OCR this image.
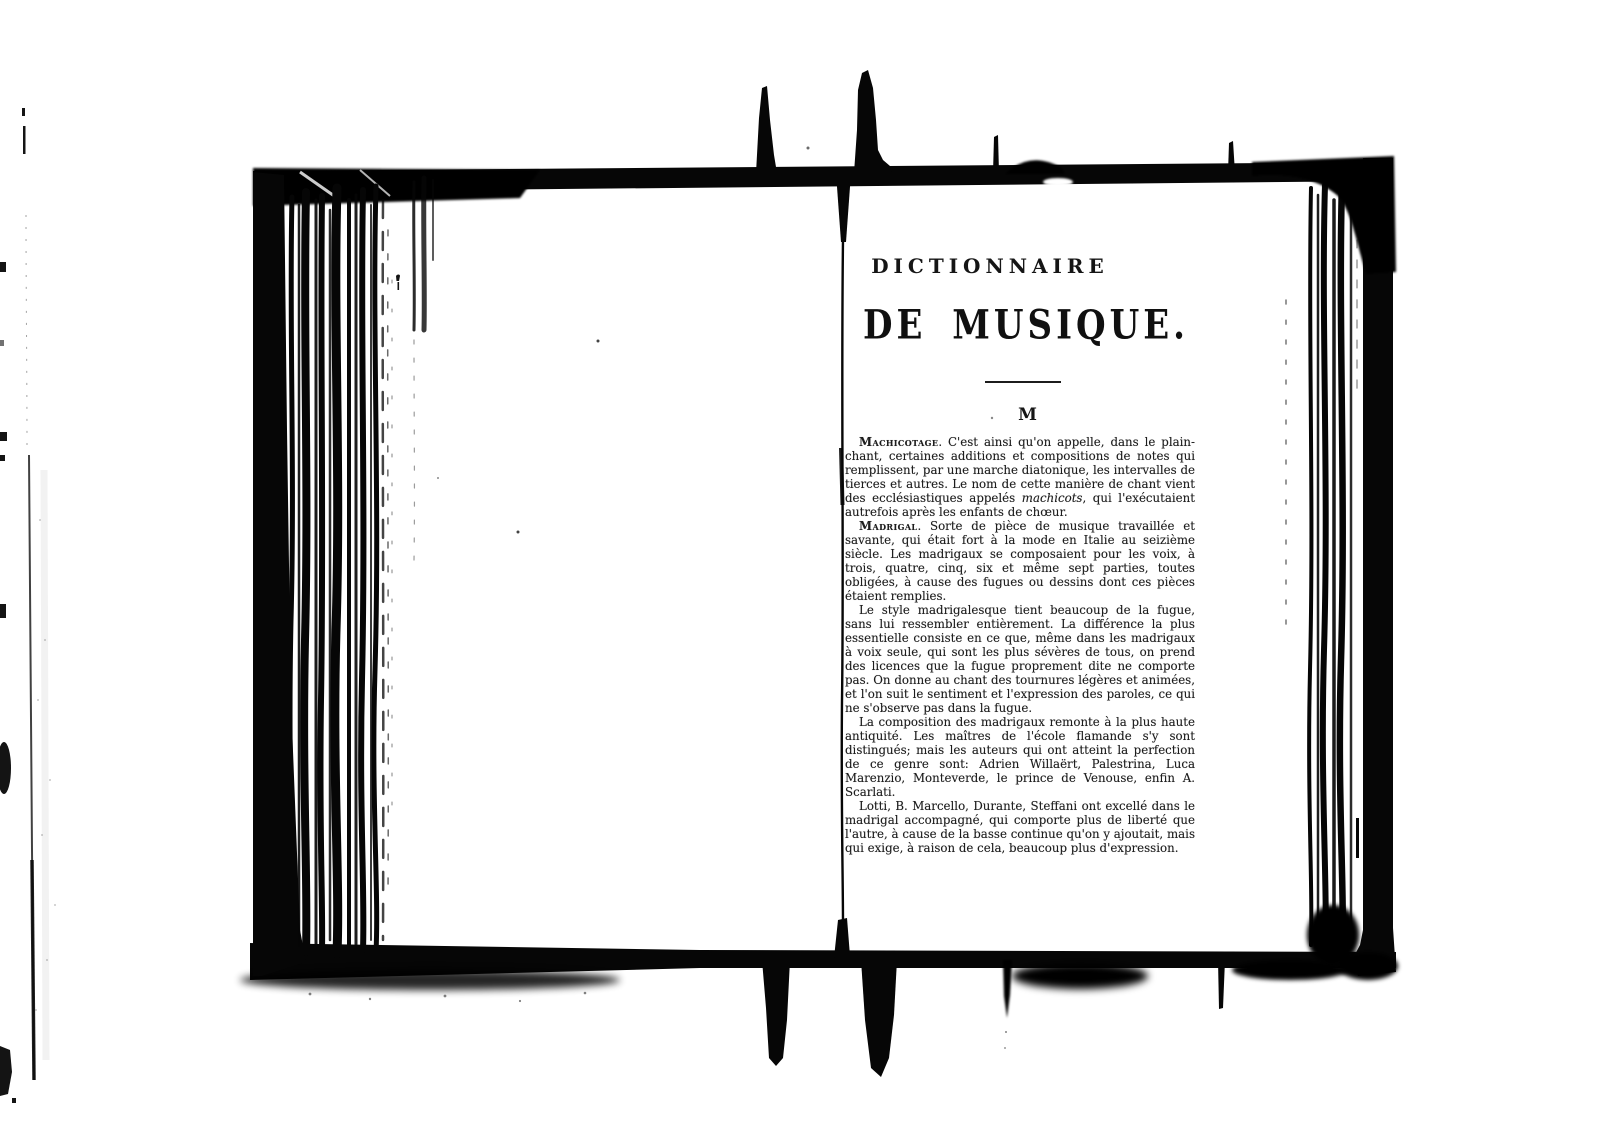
DICTIONNAIRE
DE MUSIQUE.
M

Machicotage. C'est ainsi qu'on appelle, dans le plain-chant, certaines additions et compositions de notes qui remplissent, par une marche diatonique, les intervalles de tierces et autres. Le nom de cette manière de chant vient des ecclésiastiques appelés machicots, qui l'exécutaient autrefois après les enfants de chœur.

Madrigal. Sorte de pièce de musique travaillée et savante, qui était fort à la mode en Italie au seizième siècle. Les madrigaux se composaient pour les voix, à trois, quatre, cinq, six et même sept parties, toutes obligées, à cause des fugues ou dessins dont ces pièces étaient remplies.

Le style madrigalesque tient beaucoup de la fugue, sans lui ressembler entièrement. La différence la plus essentielle consiste en ce que, même dans les madrigaux à voix seule, qui sont les plus sévères de tous, on prend des licences que la fugue proprement dite ne comporte pas. On donne au chant des tournures légères et animées, et l'on suit le sentiment et l'expression des paroles, ce qui ne s'observe pas dans la fugue.

La composition des madrigaux remonte à la plus haute antiquité. Les maîtres de l'école flamande s'y sont distingués; mais les auteurs qui ont atteint la perfection de ce genre sont: Adrien Willaërt, Palestrina, Luca Marenzio, Monteverde, le prince de Venouse, enfin A. Scarlati.

Lotti, B. Marcello, Durante, Steffani ont excellé dans le madrigal accompagné, qui comporte plus de liberté que l'autre, à cause de la basse continue qu'on y ajoutait, mais qui exige, à raison de cela, beaucoup plus d'expression.
